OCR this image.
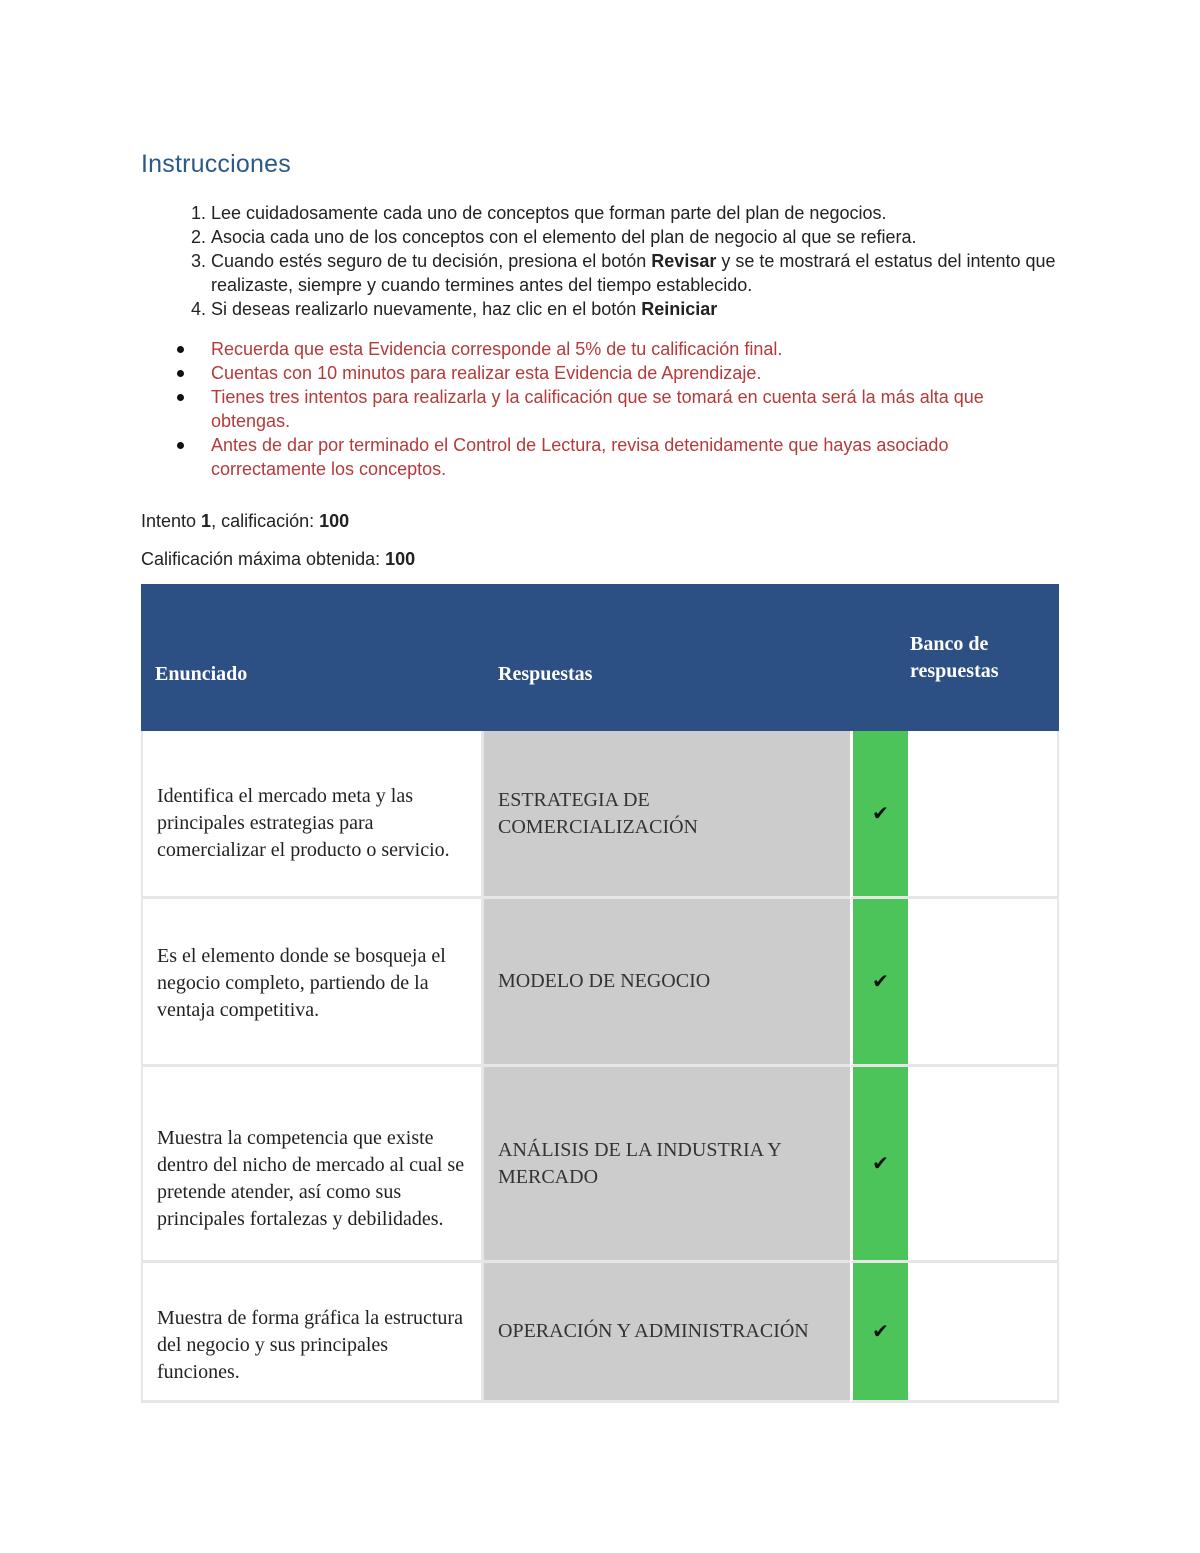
Instrucciones
1. Lee cuidadosamente cada uno de conceptos que forman parte del plan de negocios.
2. Asocia cada uno de los conceptos con el elemento del plan de negocio al que se refiera.
3. Cuando estés seguro de tu decisión, presiona el botón Revisar y se te mostrará el estatus del intento que realizaste, siempre y cuando termines antes del tiempo establecido.
4. Si deseas realizarlo nuevamente, haz clic en el botón Reiniciar
Recuerda que esta Evidencia corresponde al 5% de tu calificación final.
Cuentas con 10 minutos para realizar esta Evidencia de Aprendizaje.
Tienes tres intentos para realizarla y la calificación que se tomará en cuenta será la más alta que obtengas.
Antes de dar por terminado el Control de Lectura, revisa detenidamente que hayas asociado correctamente los conceptos.
Intento 1, calificación: 100
Calificación máxima obtenida: 100
Enunciado	Respuestas		Banco de respuestas
Identifica el mercado meta y las principales estrategias para comercializar el producto o servicio.	ESTRATEGIA DE COMERCIALIZACIÓN	✔	
Es el elemento donde se bosqueja el negocio completo, partiendo de la ventaja competitiva.	MODELO DE NEGOCIO	✔	
Muestra la competencia que existe dentro del nicho de mercado al cual se pretende atender, así como sus principales fortalezas y debilidades.	ANÁLISIS DE LA INDUSTRIA Y MERCADO	✔	
Muestra de forma gráfica la estructura del negocio y sus principales funciones.	OPERACIÓN Y ADMINISTRACIÓN	✔	
